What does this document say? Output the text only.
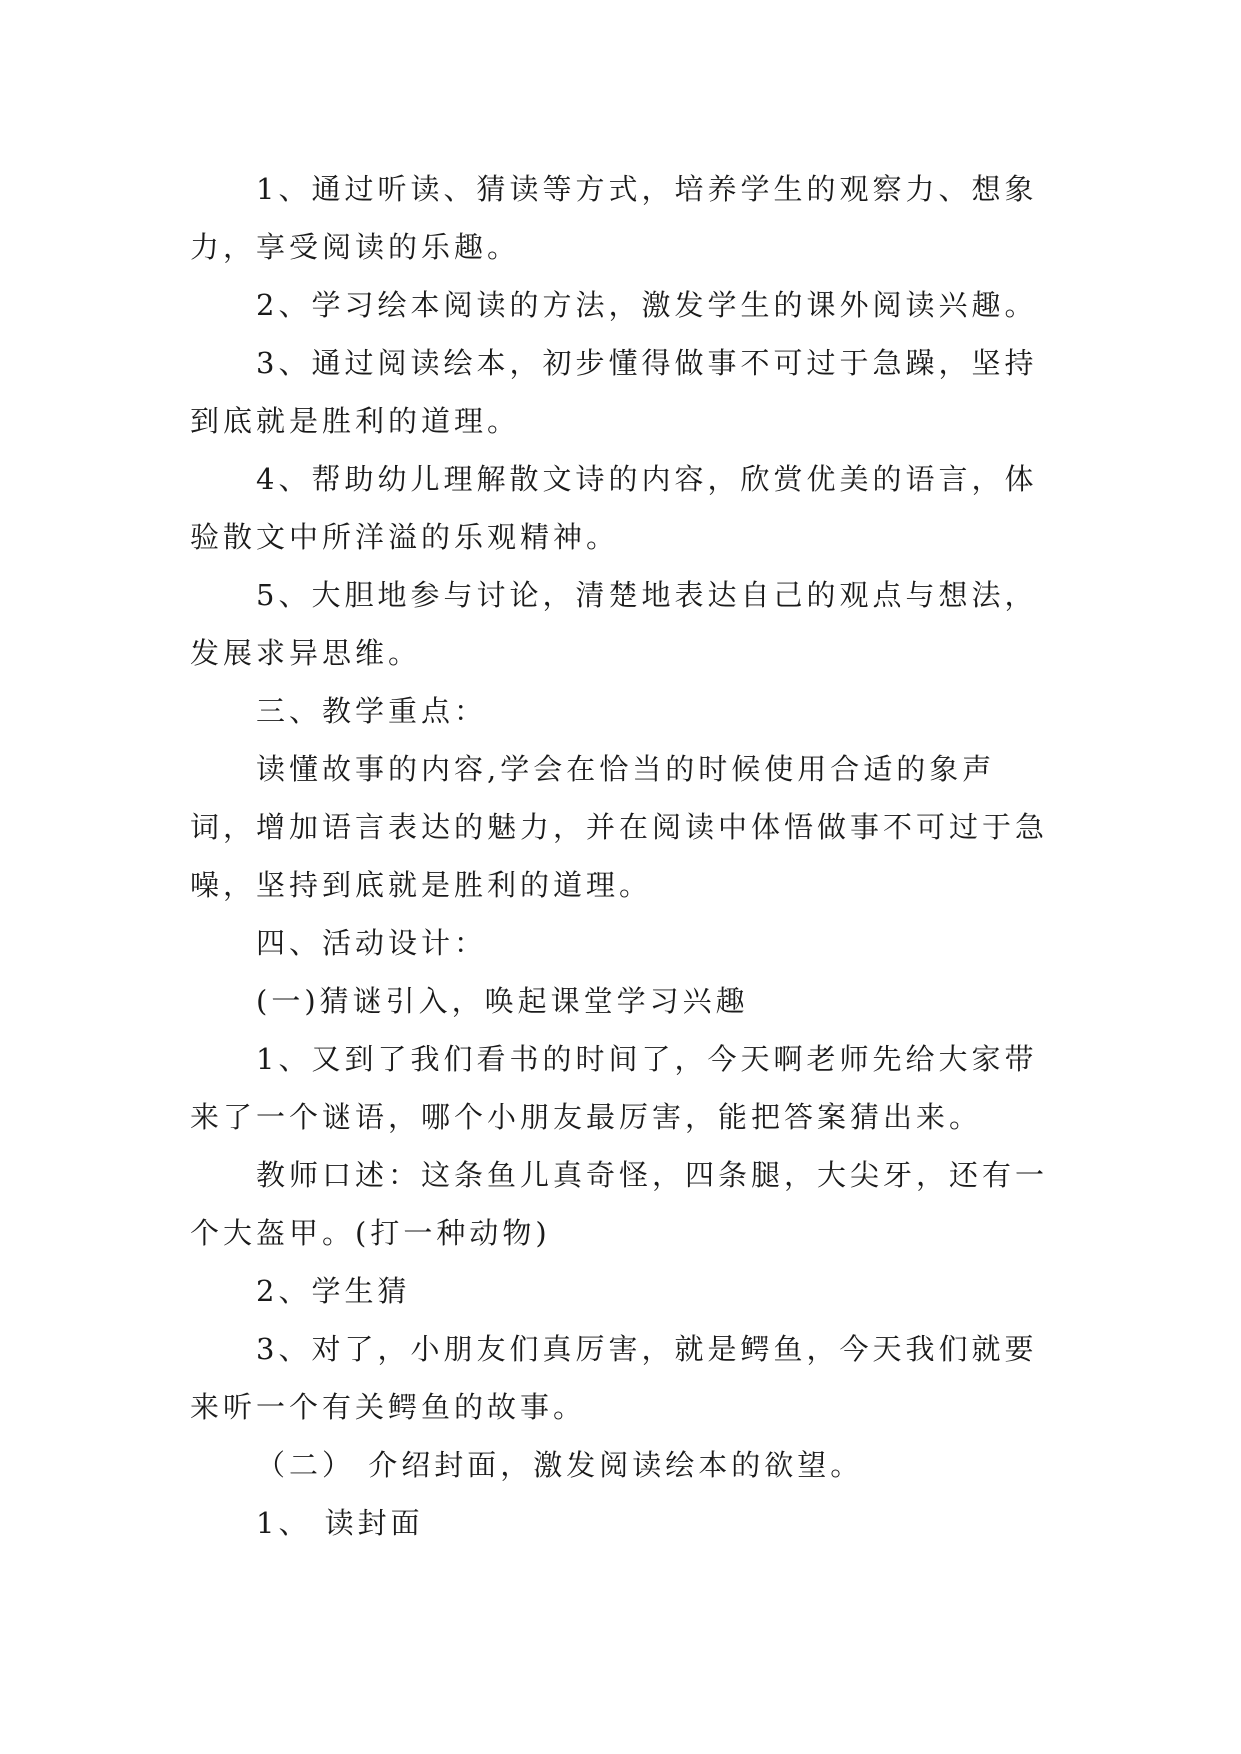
1、通过听读、猜读等方式，培养学生的观察力、想象力，享受阅读的乐趣。

2、学习绘本阅读的方法，激发学生的课外阅读兴趣。

3、通过阅读绘本，初步懂得做事不可过于急躁，坚持到底就是胜利的道理。

4、帮助幼儿理解散文诗的内容，欣赏优美的语言，体验散文中所洋溢的乐观精神。

5、大胆地参与讨论，清楚地表达自己的观点与想法，发展求异思维。

三、教学重点：

读懂故事的内容,学会在恰当的时候使用合适的象声词，增加语言表达的魅力，并在阅读中体悟做事不可过于急噪，坚持到底就是胜利的道理。

四、活动设计：

(一)猜谜引入，唤起课堂学习兴趣

1、又到了我们看书的时间了，今天啊老师先给大家带来了一个谜语，哪个小朋友最厉害，能把答案猜出来。

教师口述：这条鱼儿真奇怪，四条腿，大尖牙，还有一个大盔甲。(打一种动物)

2、学生猜

3、对了，小朋友们真厉害，就是鳄鱼，今天我们就要来听一个有关鳄鱼的故事。

（二） 介绍封面，激发阅读绘本的欲望。

1、 读封面
